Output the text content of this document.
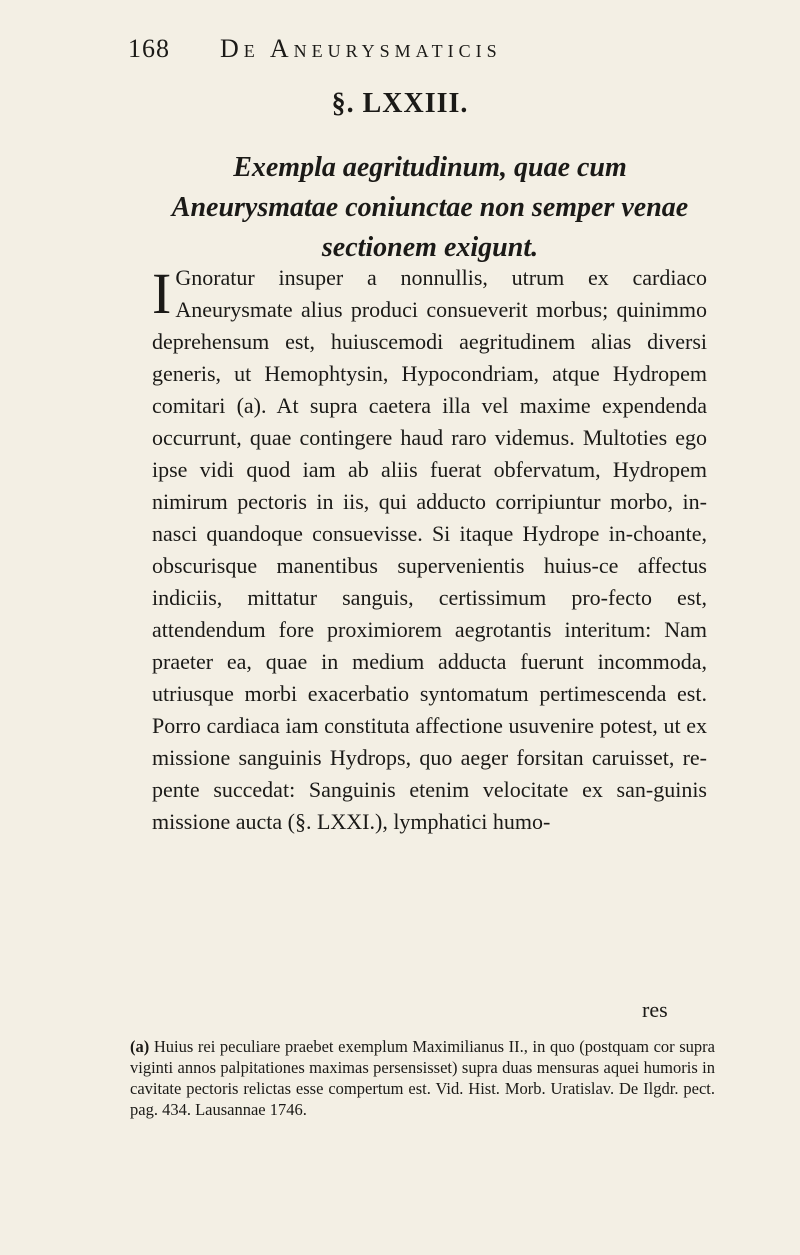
168 De Aneurysmaticis
§. LXXIII.
Exempla aegritudinum, quae cum Aneurysmatae coniunctae non semper venae sectionem exigunt.
I Gnoratur insuper a nonnullis, utrum ex cardiaco Aneurysmate alius produci consueverit morbus; quinimmo deprehensum est, huiuscemodi aegritudinem alias diversi generis, ut Hemophtysin, Hypocondriam, atque Hydropem comitari (a). At supra caetera illa vel maxime expendenda occurrunt, quae contingere haud raro videmus. Multoties ego ipse vidi quod iam ab aliis fuerat obfervatum, Hydropem nimirum pectoris in iis, qui adducto corripiuntur morbo, in-nasci quandoque consuevisse. Si itaque Hydrope in-choante, obscurisque manentibus supervenientis huius-ce affectus indiciis, mittatur sanguis, certissimum pro-fecto est, attendendum fore proximiorem aegrotantis interitum: Nam praeter ea, quae in medium adducta fuerunt incommoda, utriusque morbi exacerbatio syntomatum pertimescenda est. Porro cardiaca iam constituta affectione usuvenire potest, ut ex missione sanguinis Hydrops, quo aeger forsitan caruisset, re-pente succedat: Sanguinis etenim velocitate ex san-guinis missione aucta (§. LXXI.), lymphatici humo-
res
(a) Huius rei peculiare praebet exemplum Maximilianus II., in quo (postquam cor supra viginti annos palpitationes maximas persensisset) supra duas mensuras aquei humoris in cavitate pectoris relictas esse compertum est. Vid. Hist. Morb. Uratislav. De Ilgdr. pect. pag. 434. Lausannae 1746.
